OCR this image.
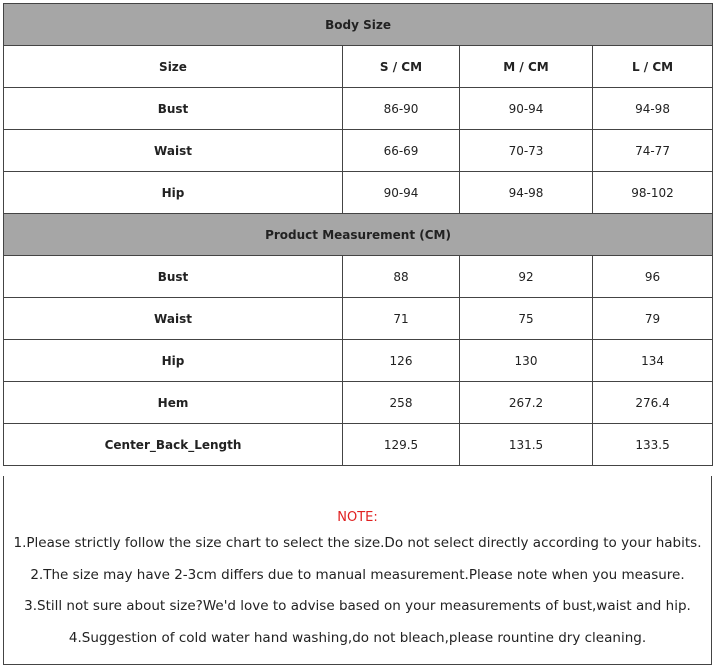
Body Size			
Size	S / CM	M / CM	L / CM
Bust	86-90	90-94	94-98
Waist	66-69	70-73	74-77
Hip	90-94	94-98	98-102
Product Measurement (CM)			
Bust	88	92	96
Waist	71	75	79
Hip	126	130	134
Hem	258	267.2	276.4
Center_Back_Length	129.5	131.5	133.5
NOTE:
1.Please strictly follow the size chart to select the size.Do not select directly according to your habits.
2.The size may have 2-3cm differs due to manual measurement.Please note when you measure.
3.Still not sure about size?We'd love to advise based on your measurements of bust,waist and hip.
4.Suggestion of cold water hand washing,do not bleach,please rountine dry cleaning.
